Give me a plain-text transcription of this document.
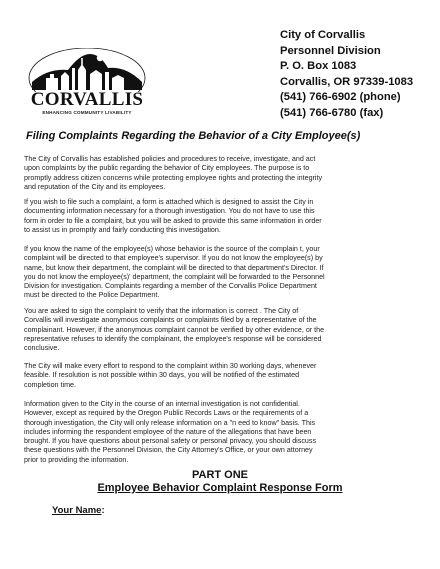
CORVALLIS
ENHANCING COMMUNITY LIVABILITY
City of Corvallis
Personnel Division
P. O. Box 1083
Corvallis, OR 97339-1083
(541) 766-6902 (phone)
(541) 766-6780 (fax)
Filing Complaints Regarding the Behavior of a City Employee(s)
The City of Corvallis has established policies and procedures to receive, investigate, and act
upon complaints by the public regarding the behavior of City employees. The purpose is to
promptly address citizen concerns while protecting employee rights and protecting the integrity
and reputation of the City and its employees.
If you wish to file such a complaint, a form is attached which is designed to assist the City in
documenting information necessary for a thorough investigation. You do not have to use this
form in order to file a complaint, but you will be asked to provide this same information in order
to assist us in promptly and fairly conducting this investigation.
If you know the name of the employee(s) whose behavior is the source of the complain t, your
complaint will be directed to that employee's supervisor. If you do not know the employee(s) by
name, but know their department, the complaint will be directed to that department's Director. If
you do not know the employee(s)' department, the complaint will be forwarded to the Personnel
Division for investigation. Complaints regarding a member of the Corvallis Police Department
must be directed to the Police Department.
You are asked to sign the complaint to verify that the information is correct . The City of
Corvallis will investigate anonymous complaints or complaints filed by a representative of the
complainant. However, if the anonymous complaint cannot be verified by other evidence, or the
representative refuses to identify the complainant, the employee's response will be considered
conclusive.
The City will make every effort to respond to the complaint within 30 working days, whenever
feasible. If resolution is not possible within 30 days, you will be notified of the estimated
completion time.
Information given to the City in the course of an internal investigation is not confidential.
However, except as required by the Oregon Public Records Laws or the requirements of a
thorough investigation, the City will only release information on a "n eed to know" basis. This
includes informing the respondent employee of the nature of the allegations that have been
brought. If you have questions about personal safety or personal privacy, you should discuss
these questions with the Personnel Division, the City Attorney's Office, or your own attorney
prior to providing the information.
PART ONE
Employee Behavior Complaint Response Form
Your Name:
